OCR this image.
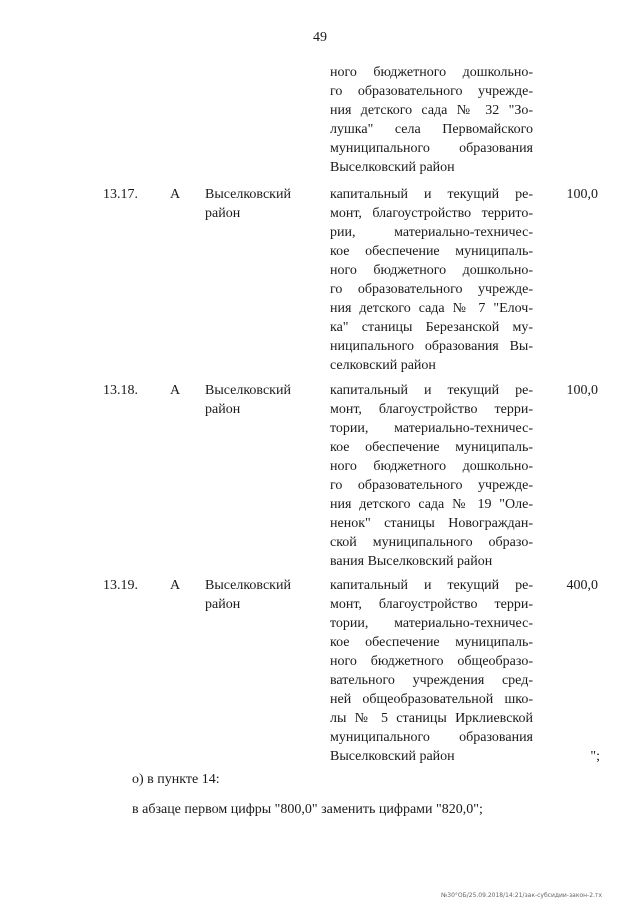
49
ного бюджетного дошкольно-
го образовательного учрежде-
ния детского сада № 32 "Зо-
лушка" села Первомайского
муниципального образования
Выселковский район
13.17. А Выселковский район
капитальный и текущий ре-
монт, благоустройство террито-
рии, материально-техничес-
кое обеспечение муниципаль-
ного бюджетного дошкольно-
го образовательного учрежде-
ния детского сада № 7 "Елоч-
ка" станицы Березанской му-
ниципального образования Вы-
селковский район
100,0
13.18. А Выселковский район
капитальный и текущий ре-
монт, благоустройство терри-
тории, материально-техничес-
кое обеспечение муниципаль-
ного бюджетного дошкольно-
го образовательного учрежде-
ния детского сада № 19 "Оле-
ненок" станицы Новограждан-
ской муниципального образо-
вания Выселковский район
100,0
13.19. А Выселковский район
капитальный и текущий ре-
монт, благоустройство терри-
тории, материально-техничес-
кое обеспечение муниципаль-
ного бюджетного общеобразо-
вательного учреждения сред-
ней общеобразовательной шко-
лы № 5 станицы Ирклиевской
муниципального образования
Выселковский район
400,0
";
о) в пункте 14:
в абзаце первом цифры "800,0" заменить цифрами "820,0";
№30°ОБ/25.09.2018/14:21/зак-субсидии-закон-2.тх
